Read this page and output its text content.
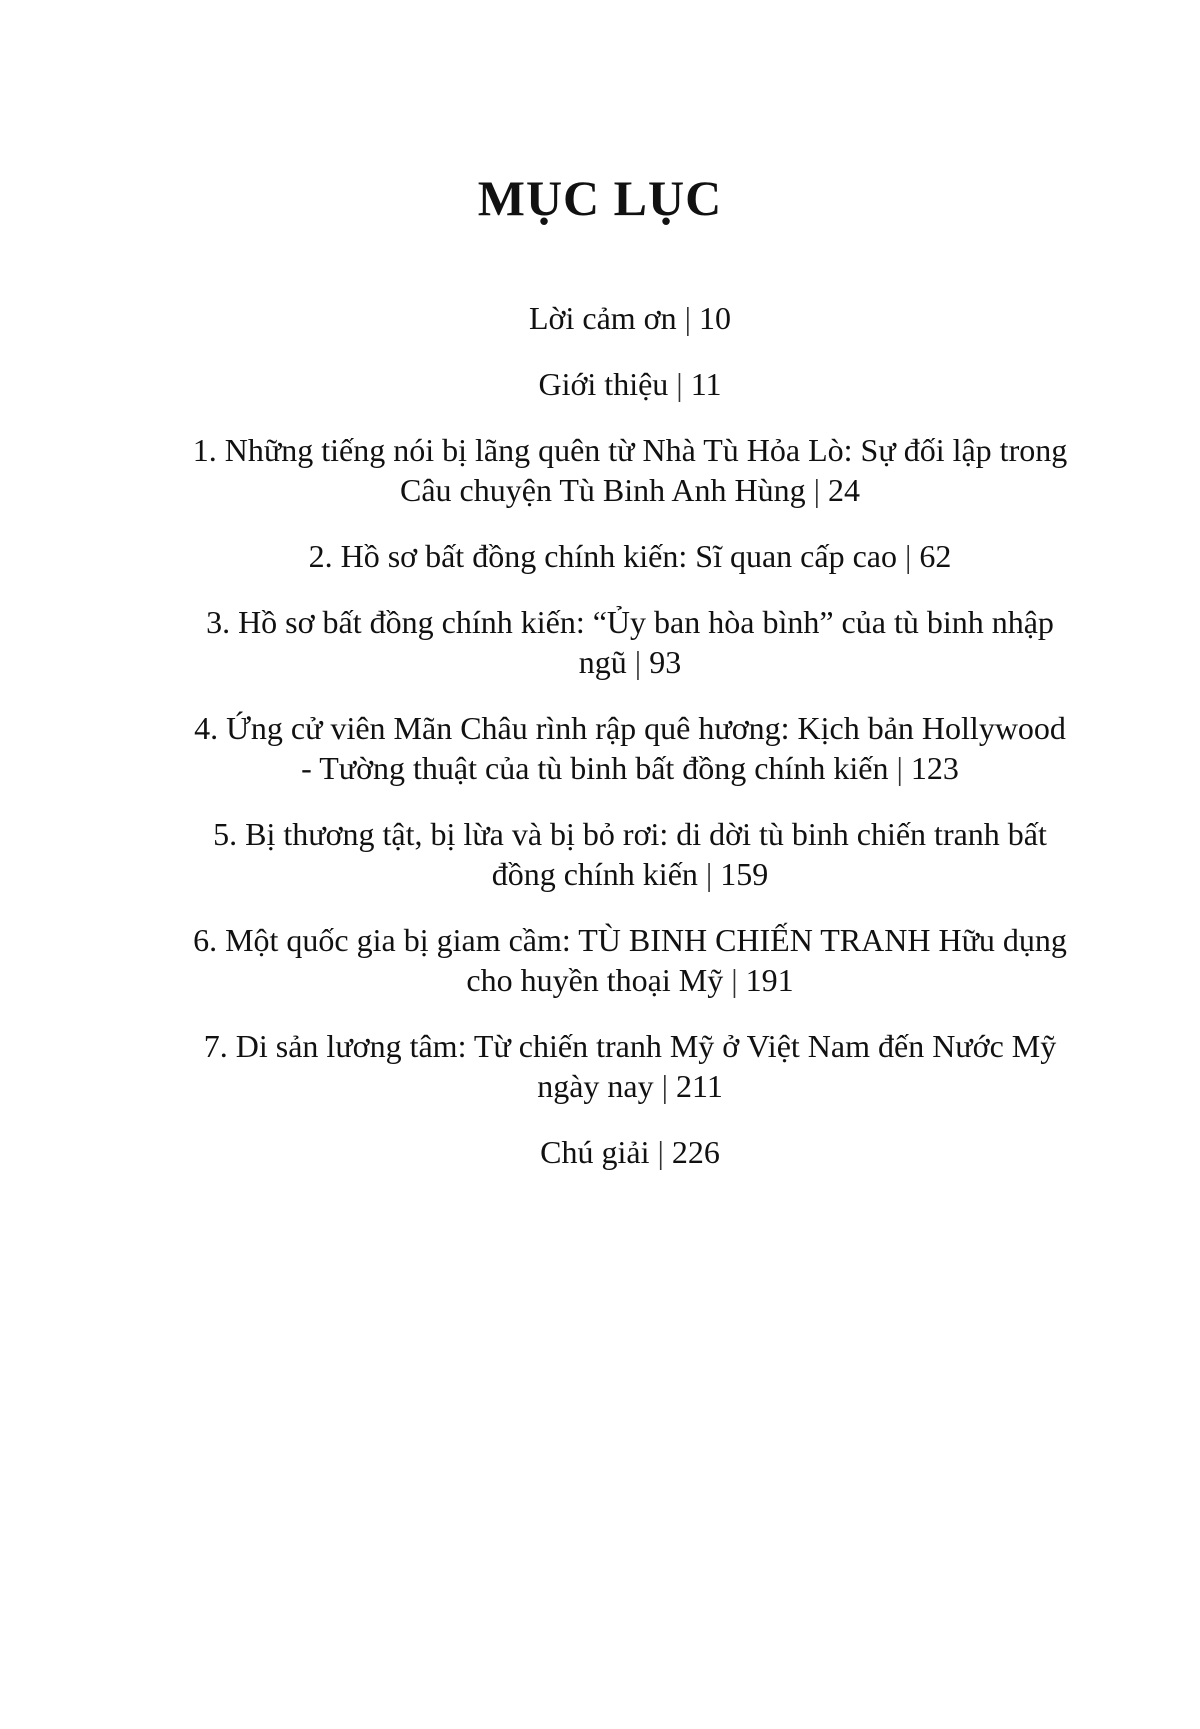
MỤC LỤC
Lời cảm ơn | 10
Giới thiệu | 11
1. Những tiếng nói bị lãng quên từ Nhà Tù Hỏa Lò: Sự đối lập trong Câu chuyện Tù Binh Anh Hùng | 24
2. Hồ sơ bất đồng chính kiến: Sĩ quan cấp cao | 62
3. Hồ sơ bất đồng chính kiến: “Ủy ban hòa bình” của tù binh nhập ngũ | 93
4. Ứng cử viên Mãn Châu rình rập quê hương: Kịch bản Hollywood - Tường thuật của tù binh bất đồng chính kiến | 123
5. Bị thương tật, bị lừa và bị bỏ rơi: di dời tù binh chiến tranh bất đồng chính kiến | 159
6. Một quốc gia bị giam cầm: TÙ BINH CHIẾN TRANH Hữu dụng cho huyền thoại Mỹ | 191
7. Di sản lương tâm: Từ chiến tranh Mỹ ở Việt Nam đến Nước Mỹ ngày nay | 211
Chú giải | 226
